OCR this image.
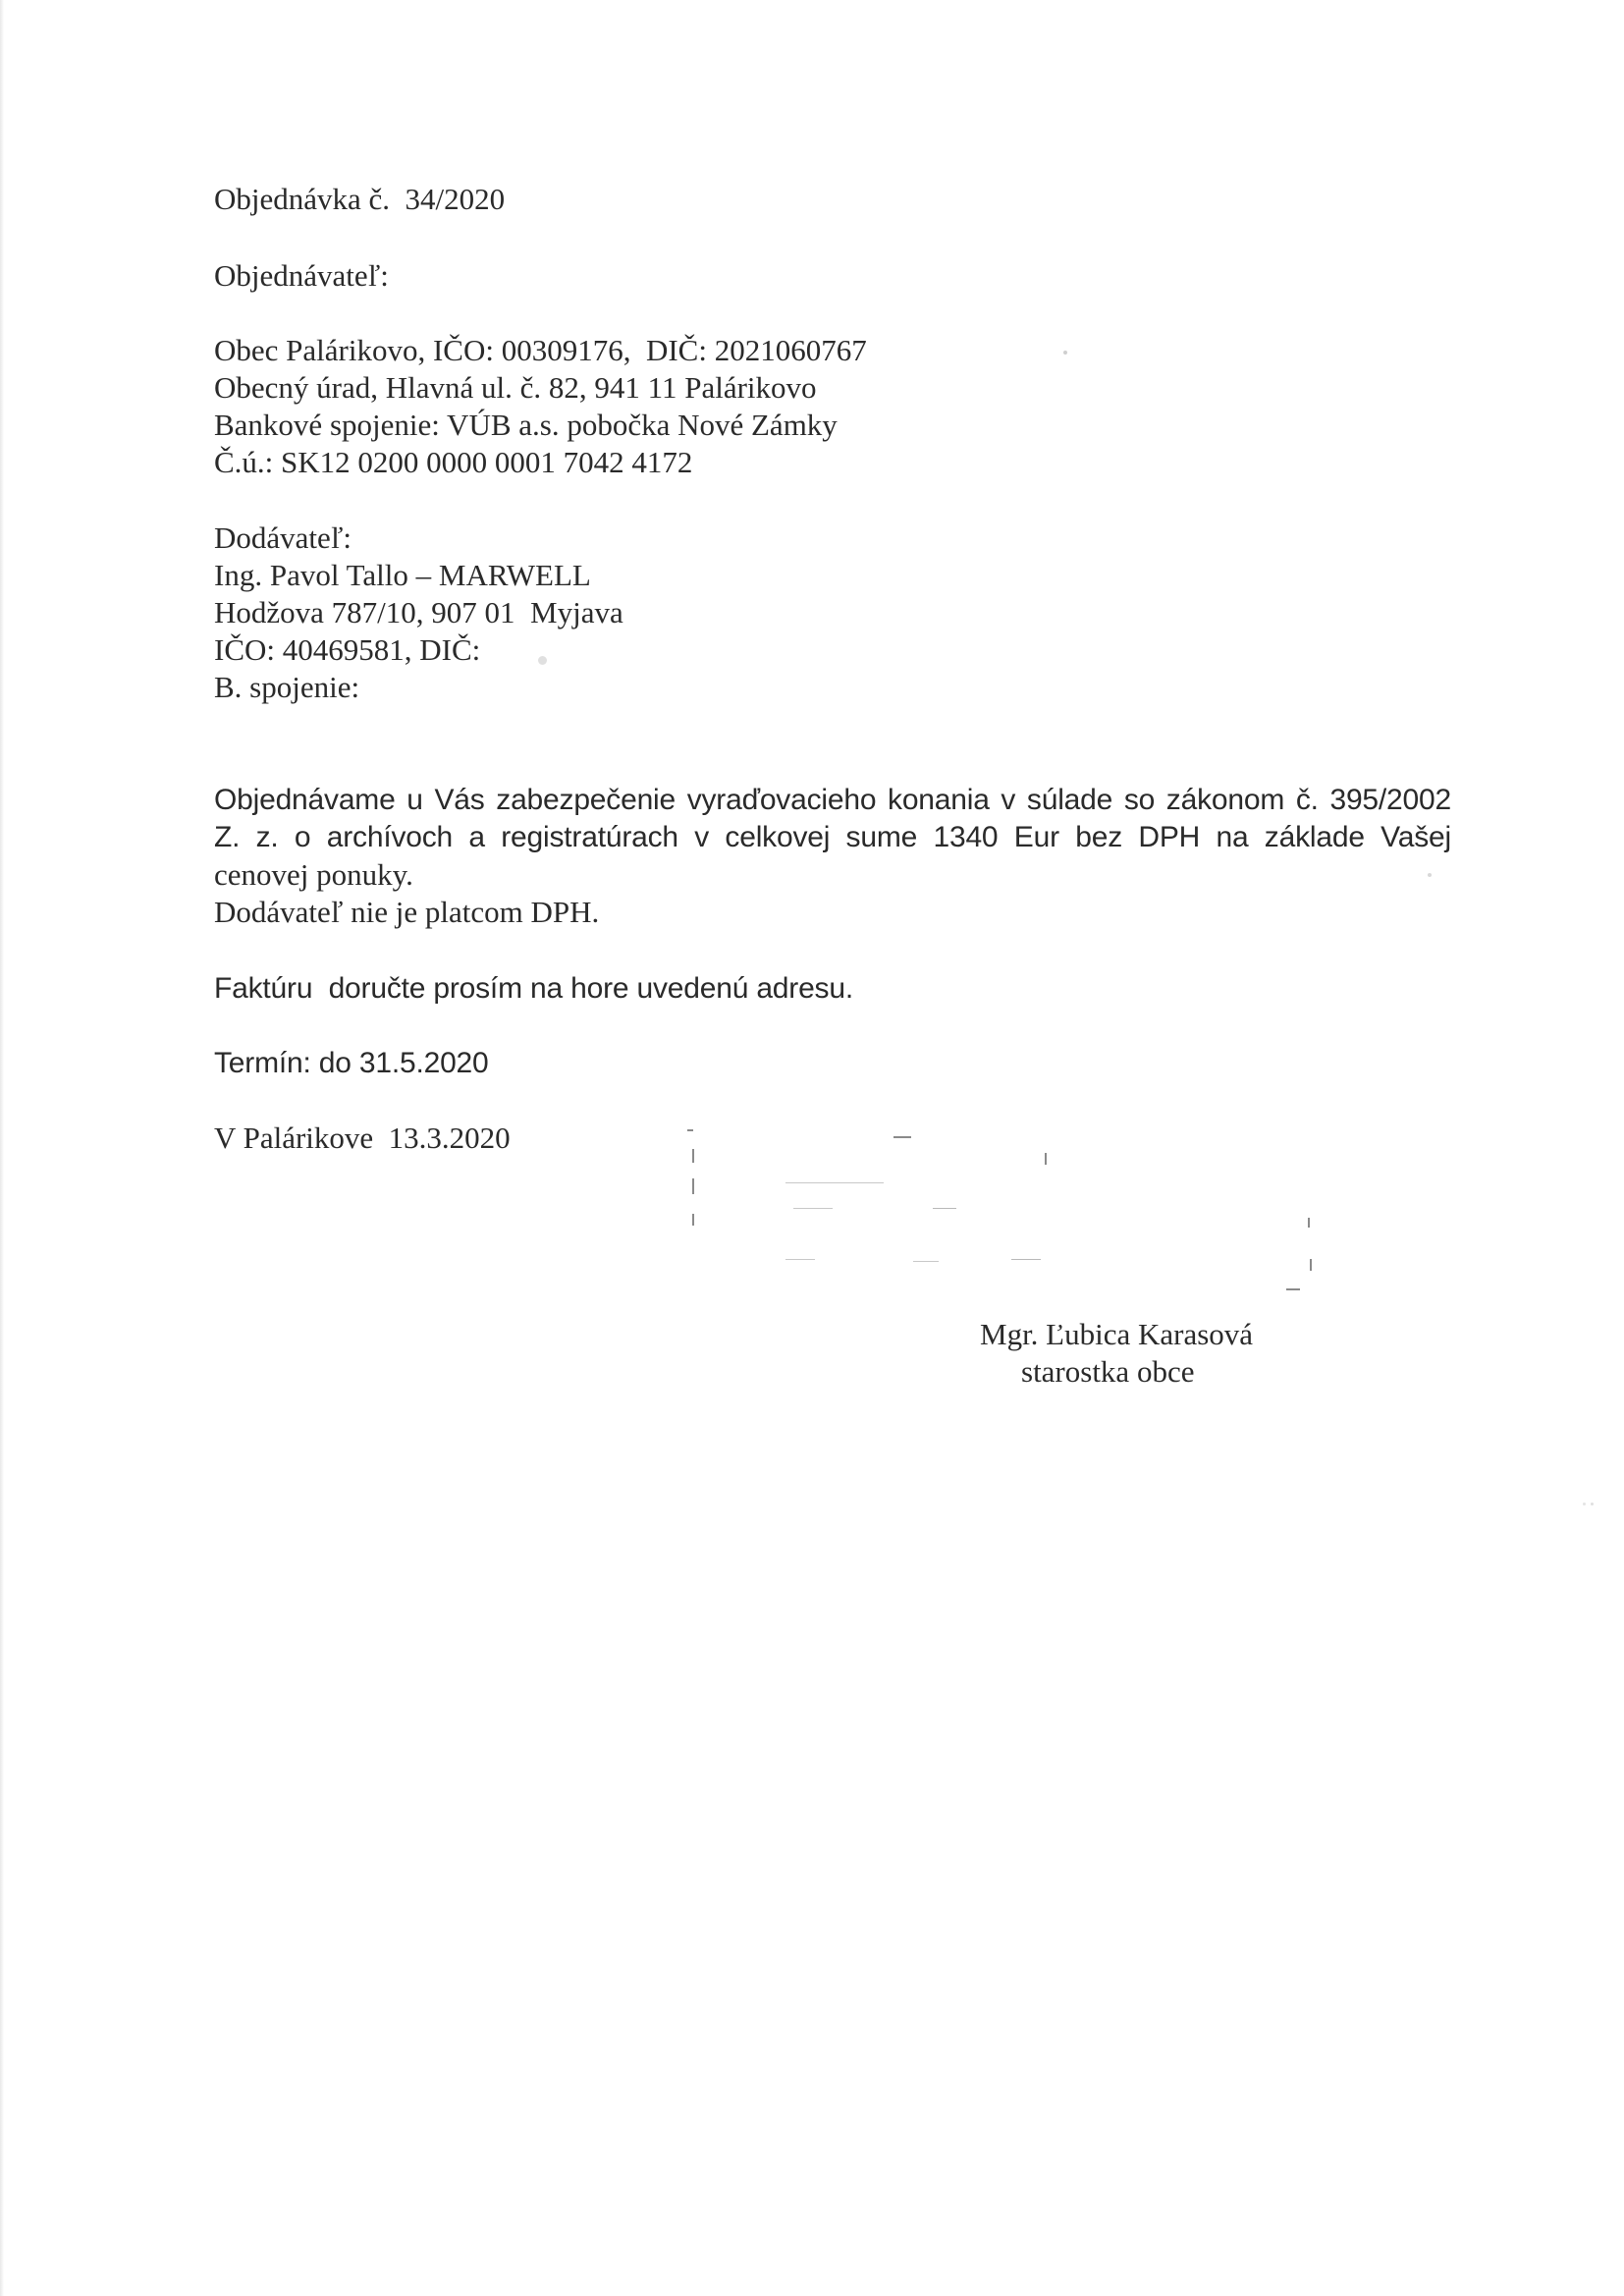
Objednávka č.  34/2020
Objednávateľ:
Obec Palárikovo, IČO: 00309176,  DIČ: 2021060767
Obecný úrad, Hlavná ul. č. 82, 941 11 Palárikovo
Bankové spojenie: VÚB a.s. pobočka Nové Zámky
Č.ú.: SK12 0200 0000 0001 7042 4172
Dodávateľ:
Ing. Pavol Tallo – MARWELL
Hodžova 787/10, 907 01  Myjava
IČO: 40469581, DIČ:
B. spojenie:
Objednávame u Vás zabezpečenie vyraďovacieho konania v súlade so zákonom č. 395/2002
Z. z. o archívoch a registratúrach v celkovej sume 1340 Eur bez DPH na základe Vašej
cenovej ponuky.
Dodávateľ nie je platcom DPH.
Faktúru  doručte prosím na hore uvedenú adresu.
Termín: do 31.5.2020
V Palárikove  13.3.2020
Mgr. Ľubica Karasová
starostka obce
